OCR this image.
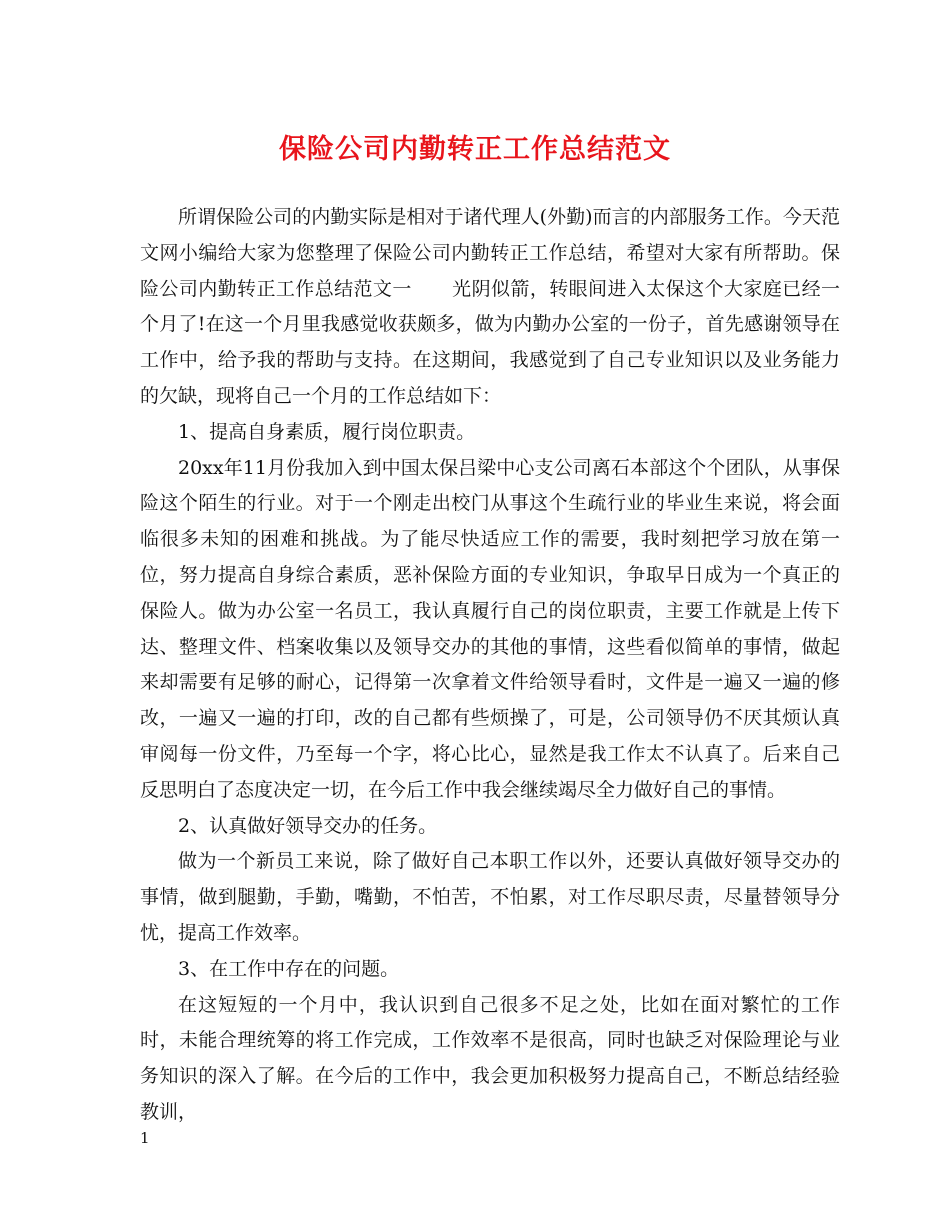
保险公司内勤转正工作总结范文

所谓保险公司的内勤实际是相对于诸代理人(外勤)而言的内部服务工作。今天范文网小编给大家为您整理了保险公司内勤转正工作总结，希望对大家有所帮助。保险公司内勤转正工作总结范文一 光阴似箭，转眼间进入太保这个大家庭已经一个月了!在这一个月里我感觉收获颇多，做为内勤办公室的一份子，首先感谢领导在工作中，给予我的帮助与支持。在这期间，我感觉到了自己专业知识以及业务能力的欠缺，现将自己一个月的工作总结如下：

1、提高自身素质，履行岗位职责。

20xx年11月份我加入到中国太保吕梁中心支公司离石本部这个个团队，从事保险这个陌生的行业。对于一个刚走出校门从事这个生疏行业的毕业生来说，将会面临很多未知的困难和挑战。为了能尽快适应工作的需要，我时刻把学习放在第一位，努力提高自身综合素质，恶补保险方面的专业知识，争取早日成为一个真正的保险人。做为办公室一名员工，我认真履行自己的岗位职责，主要工作就是上传下达、整理文件、档案收集以及领导交办的其他的事情，这些看似简单的事情，做起来却需要有足够的耐心，记得第一次拿着文件给领导看时，文件是一遍又一遍的修改，一遍又一遍的打印，改的自己都有些烦操了，可是，公司领导仍不厌其烦认真审阅每一份文件，乃至每一个字，将心比心，显然是我工作太不认真了。后来自己反思明白了态度决定一切，在今后工作中我会继续竭尽全力做好自己的事情。

2、认真做好领导交办的任务。

做为一个新员工来说，除了做好自己本职工作以外，还要认真做好领导交办的事情，做到腿勤，手勤，嘴勤，不怕苦，不怕累，对工作尽职尽责，尽量替领导分忧，提高工作效率。

3、在工作中存在的问题。

在这短短的一个月中，我认识到自己很多不足之处，比如在面对繁忙的工作时，未能合理统筹的将工作完成，工作效率不是很高，同时也缺乏对保险理论与业务知识的深入了解。在今后的工作中，我会更加积极努力提高自己，不断总结经验教训，

1
